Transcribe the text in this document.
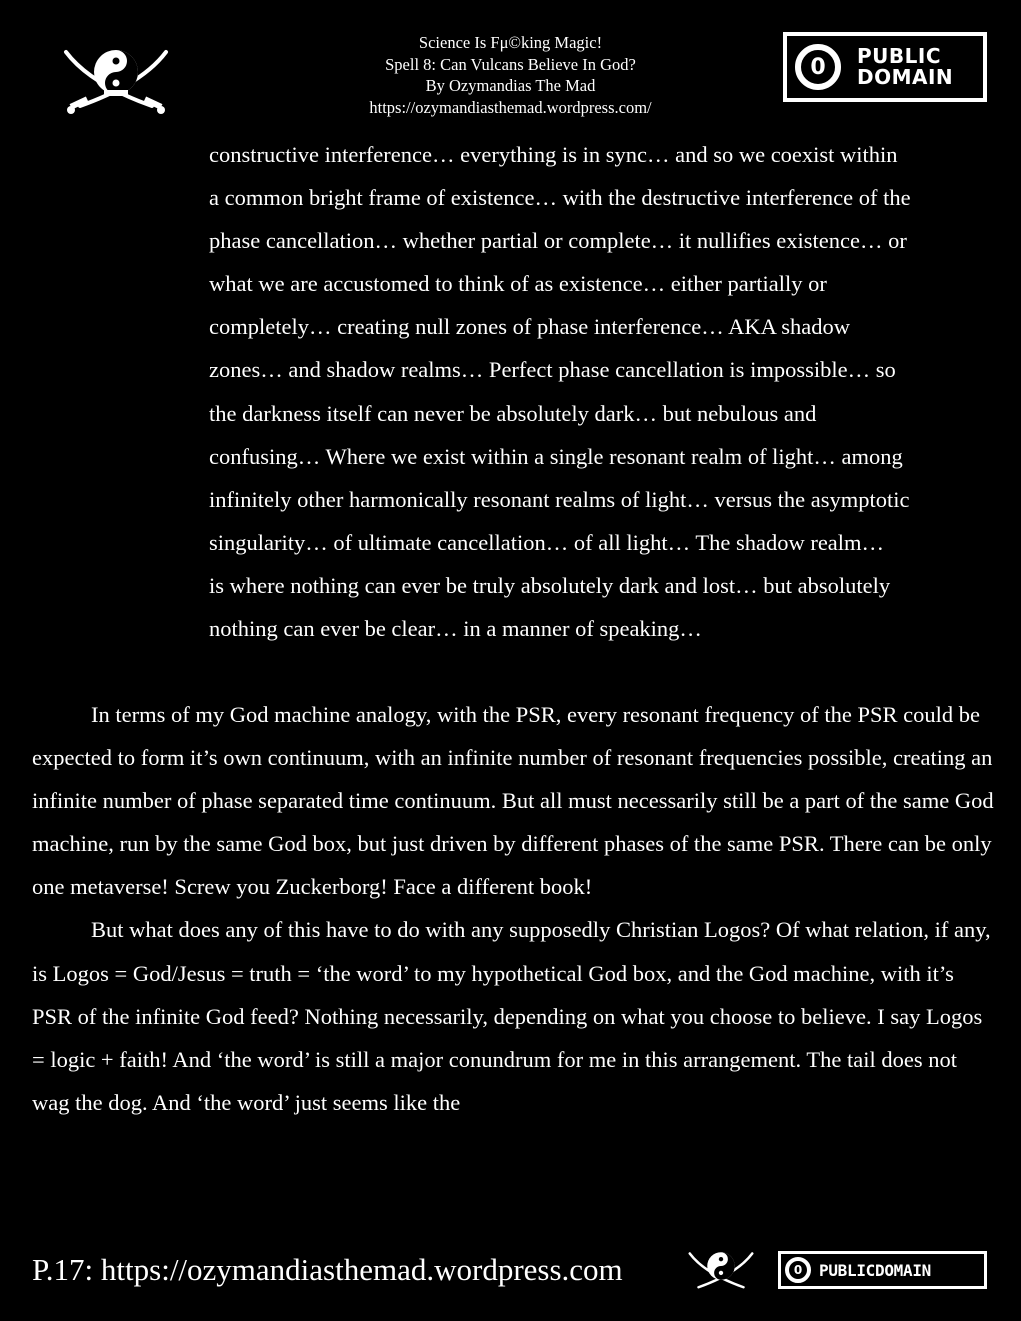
Science Is Fμ©king Magic!
Spell 8: Can Vulcans Believe In God?
By Ozymandias The Mad
https://ozymandiasthemad.wordpress.com/
0	PUBLIC
DOMAIN
constructive interference… everything is in sync… and so we coexist within
a common bright frame of existence… with the destructive interference of the
phase cancellation… whether partial or complete… it nullifies existence… or
what we are accustomed to think of as existence… either partially or
completely… creating null zones of phase interference… AKA shadow
zones… and shadow realms… Perfect phase cancellation is impossible… so
the darkness itself can never be absolutely dark… but nebulous and
confusing… Where we exist within a single resonant realm of light… among
infinitely other harmonically resonant realms of light… versus the asymptotic
singularity… of ultimate cancellation… of all light… The shadow realm…
is where nothing can ever be truly absolutely dark and lost… but absolutely
nothing can ever be clear… in a manner of speaking…

In terms of my God machine analogy, with the PSR, every resonant frequency of the PSR could be expected to form it’s own continuum, with an infinite number of resonant frequencies possible, creating an infinite number of phase separated time continuum. But all must necessarily still be a part of the same God machine, run by the same God box, but just driven by different phases of the same PSR. There can be only one metaverse! Screw you Zuckerborg! Face a different book!

But what does any of this have to do with any supposedly Christian Logos? Of what relation, if any, is Logos = God/Jesus = truth = ‘the word’ to my hypothetical God box, and the God machine, with it’s PSR of the infinite God feed? Nothing necessarily, depending on what you choose to believe. I say Logos = logic + faith! And ‘the word’ is still a major conundrum for me in this arrangement. The tail does not wag the dog. And ‘the word’ just seems like the

P.17: https://ozymandiasthemad.wordpress.com	0	PUBLICDOMAIN
